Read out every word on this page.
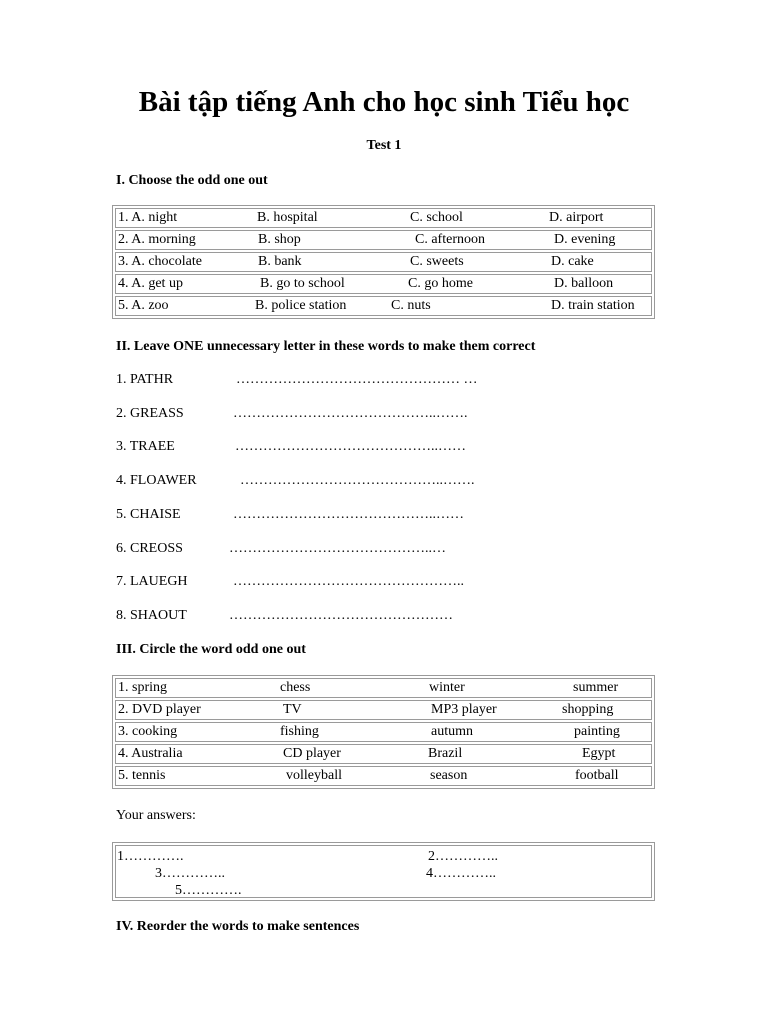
Bài tập tiếng Anh cho học sinh Tiểu học
Test 1
I. Choose the odd one out
1. A. night	B. hospital	C. school	D. airport

2. A. morning	B. shop	C. afternoon	D. evening

3. A. chocolate	B. bank	C. sweets	D. cake

4. A. get up	B. go to school	C. go home	D. balloon

5. A. zoo	B. police station	C. nuts	D. train station
II. Leave ONE unnecessary letter in these words to make them correct
1. PATHR	………………………………………… …
2. GREASS	……………………………………..…….
3. TRAEE	……………………………………..……
4. FLOAWER	……………………………………..…….
5. CHAISE	……………………………………..……
6. CREOSS	……………………………………..…
7. LAUEGH	…………………………………………..
8. SHAOUT	…………………………………………
III. Circle the word odd one out
1. spring	chess	winter	summer

2. DVD player	TV	MP3 player	shopping

3. cooking	fishing	autumn	painting

4. Australia	CD player	Brazil	Egypt

5. tennis	volleyball	season	football
Your answers:
1………….	2…………..
3…………..	4…………..
5………….
IV. Reorder the words to make sentences
